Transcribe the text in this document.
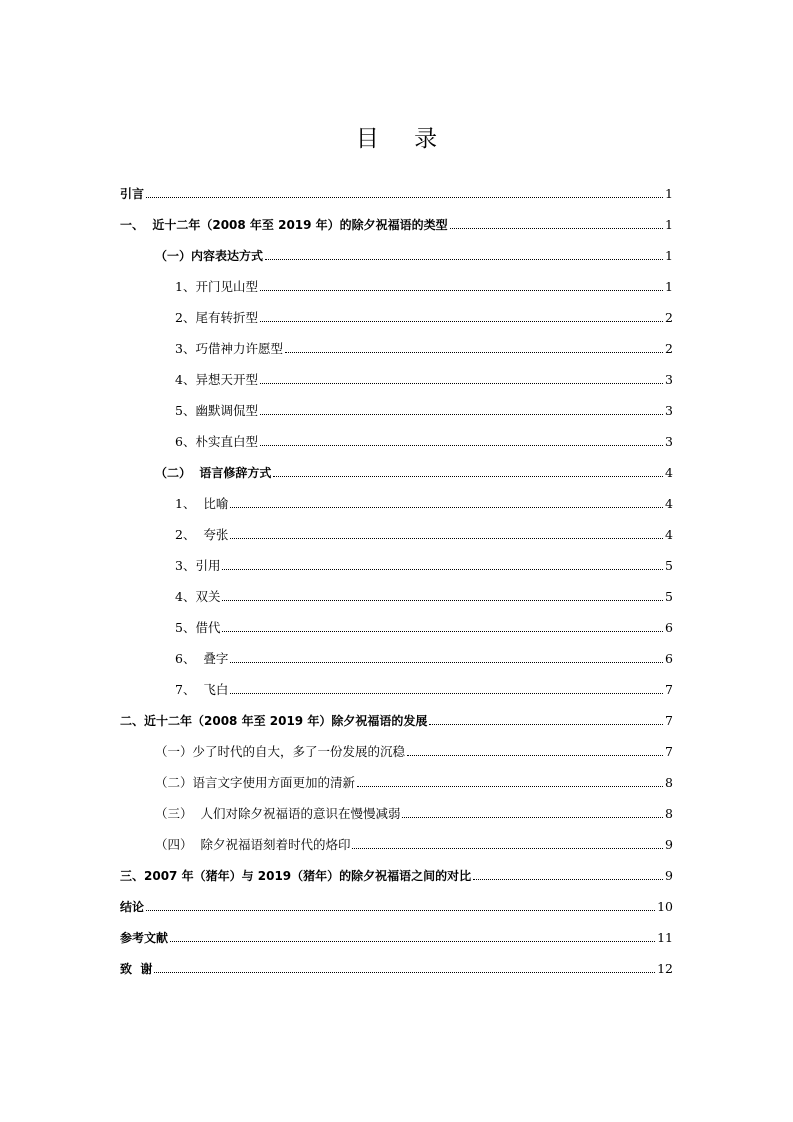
目 录
引言	1
一、  近十二年（2008 年至 2019 年）的除夕祝福语的类型	1
（一）内容表达方式	1
1、开门见山型	1
2、尾有转折型	2
3、巧借神力许愿型	2
4、异想天开型	3
5、幽默调侃型	3
6、朴实直白型	3
（二）  语言修辞方式	4
1、  比喻	4
2、  夸张	4
3、引用	5
4、双关	5
5、借代	6
6、  叠字	6
7、  飞白	7
二、近十二年（2008 年至 2019 年）除夕祝福语的发展	7
（一）少了时代的自大，多了一份发展的沉稳	7
（二）语言文字使用方面更加的清新	8
（三）  人们对除夕祝福语的意识在慢慢减弱	8
（四）  除夕祝福语刻着时代的烙印	9
三、2007 年（猪年）与 2019（猪年）的除夕祝福语之间的对比	9
结论	10
参考文献	11
致  谢	12
